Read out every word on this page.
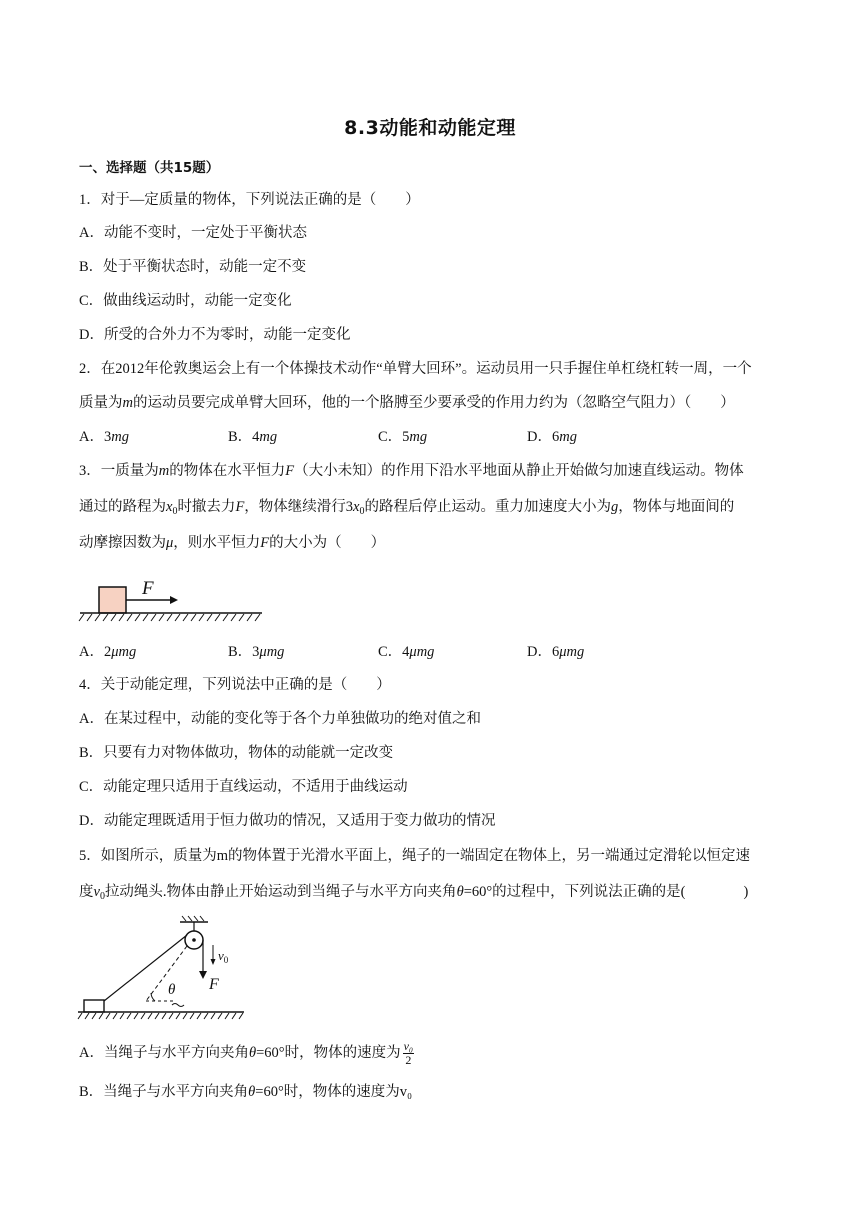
8.3动能和动能定理
一、选择题（共15题）
1．对于—定质量的物体，下列说法正确的是（　　）
A．动能不变时，一定处于平衡状态
B．处于平衡状态时，动能一定不变
C．做曲线运动时，动能一定变化
D．所受的合外力不为零时，动能一定变化
2．在2012年伦敦奥运会上有一个体操技术动作“单臂大回环”。运动员用一只手握住单杠绕杠转一周，一个
质量为m的运动员要完成单臂大回环，他的一个胳膊至少要承受的作用力约为（忽略空气阻力）（　　）
A．3mg	B．4mg	C．5mg	D．6mg
3．一质量为m的物体在水平恒力F（大小未知）的作用下沿水平地面从静止开始做匀加速直线运动。物体
通过的路程为$x_0$时撤去力F，物体继续滑行$3x_0$的路程后停止运动。重力加速度大小为g，物体与地面间的
动摩擦因数为μ，则水平恒力F的大小为（　　）
F
A．2μmg	B．3μmg	C．4μmg	D．6μmg
4．关于动能定理，下列说法中正确的是（　　）
A．在某过程中，动能的变化等于各个力单独做功的绝对值之和
B．只要有力对物体做功，物体的动能就一定改变
C．动能定理只适用于直线运动，不适用于曲线运动
D．动能定理既适用于恒力做功的情况，又适用于变力做功的情况
5．如图所示，质量为m的物体置于光滑水平面上，绳子的一端固定在物体上，另一端通过定滑轮以恒定速
度$v_0$拉动绳头.物体由静止开始运动到当绳子与水平方向夹角θ=60°的过程中，下列说法正确的是(　　　　)
θ F
$v_0$
A．当绳子与水平方向夹角θ=60°时，物体的速度为 $\frac{\text{v₀}}{2}$
B．当绳子与水平方向夹角θ=60°时，物体的速度为v₀
